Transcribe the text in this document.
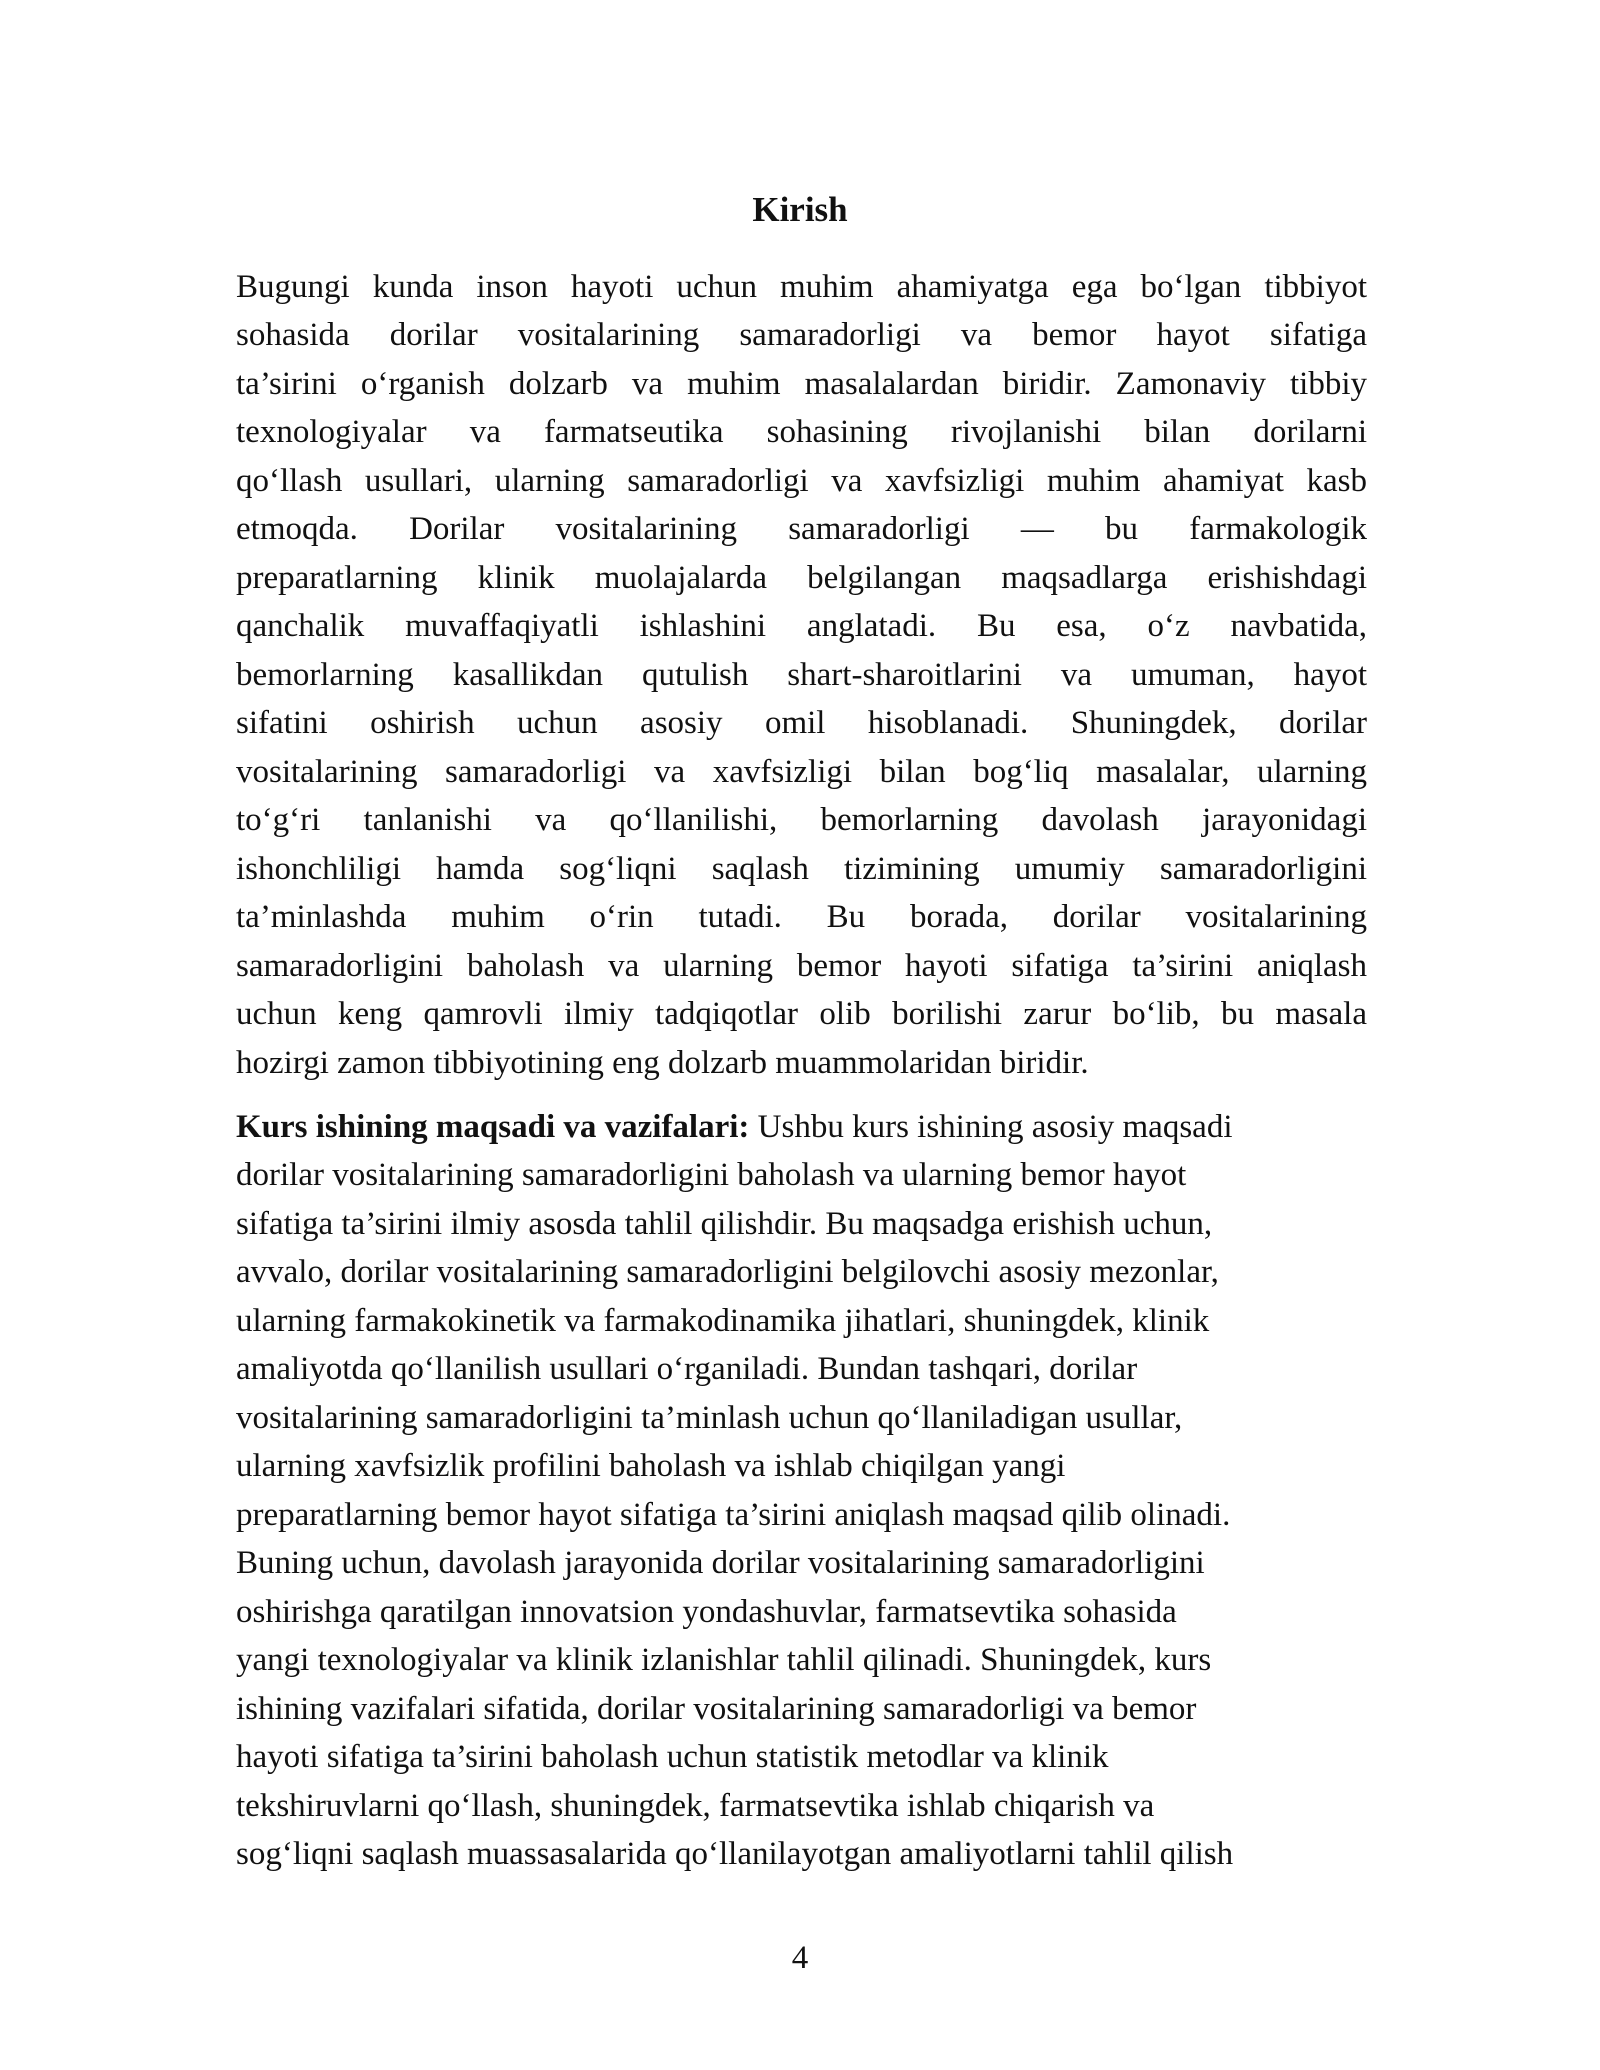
Kirish
Bugungi kunda inson hayoti uchun muhim ahamiyatga ega bo‘lgan tibbiyot
sohasida dorilar vositalarining samaradorligi va bemor hayot sifatiga
ta’sirini o‘rganish dolzarb va muhim masalalardan biridir. Zamonaviy tibbiy
texnologiyalar va farmatseutika sohasining rivojlanishi bilan dorilarni
qo‘llash usullari, ularning samaradorligi va xavfsizligi muhim ahamiyat kasb
etmoqda. Dorilar vositalarining samaradorligi — bu farmakologik
preparatlarning klinik muolajalarda belgilangan maqsadlarga erishishdagi
qanchalik muvaffaqiyatli ishlashini anglatadi. Bu esa, o‘z navbatida,
bemorlarning kasallikdan qutulish shart-sharoitlarini va umuman, hayot
sifatini oshirish uchun asosiy omil hisoblanadi. Shuningdek, dorilar
vositalarining samaradorligi va xavfsizligi bilan bog‘liq masalalar, ularning
to‘g‘ri tanlanishi va qo‘llanilishi, bemorlarning davolash jarayonidagi
ishonchliligi hamda sog‘liqni saqlash tizimining umumiy samaradorligini
ta’minlashda muhim o‘rin tutadi. Bu borada, dorilar vositalarining
samaradorligini baholash va ularning bemor hayoti sifatiga ta’sirini aniqlash
uchun keng qamrovli ilmiy tadqiqotlar olib borilishi zarur bo‘lib, bu masala
hozirgi zamon tibbiyotining eng dolzarb muammolaridan biridir.
Kurs ishining maqsadi va vazifalari: Ushbu kurs ishining asosiy maqsadi
dorilar vositalarining samaradorligini baholash va ularning bemor hayot
sifatiga ta’sirini ilmiy asosda tahlil qilishdir. Bu maqsadga erishish uchun,
avvalo, dorilar vositalarining samaradorligini belgilovchi asosiy mezonlar,
ularning farmakokinetik va farmakodinamika jihatlari, shuningdek, klinik
amaliyotda qo‘llanilish usullari o‘rganiladi. Bundan tashqari, dorilar
vositalarining samaradorligini ta’minlash uchun qo‘llaniladigan usullar,
ularning xavfsizlik profilini baholash va ishlab chiqilgan yangi
preparatlarning bemor hayot sifatiga ta’sirini aniqlash maqsad qilib olinadi.
Buning uchun, davolash jarayonida dorilar vositalarining samaradorligini
oshirishga qaratilgan innovatsion yondashuvlar, farmatsevtika sohasida
yangi texnologiyalar va klinik izlanishlar tahlil qilinadi. Shuningdek, kurs
ishining vazifalari sifatida, dorilar vositalarining samaradorligi va bemor
hayoti sifatiga ta’sirini baholash uchun statistik metodlar va klinik
tekshiruvlarni qo‘llash, shuningdek, farmatsevtika ishlab chiqarish va
sog‘liqni saqlash muassasalarida qo‘llanilayotgan amaliyotlarni tahlil qilish
4
